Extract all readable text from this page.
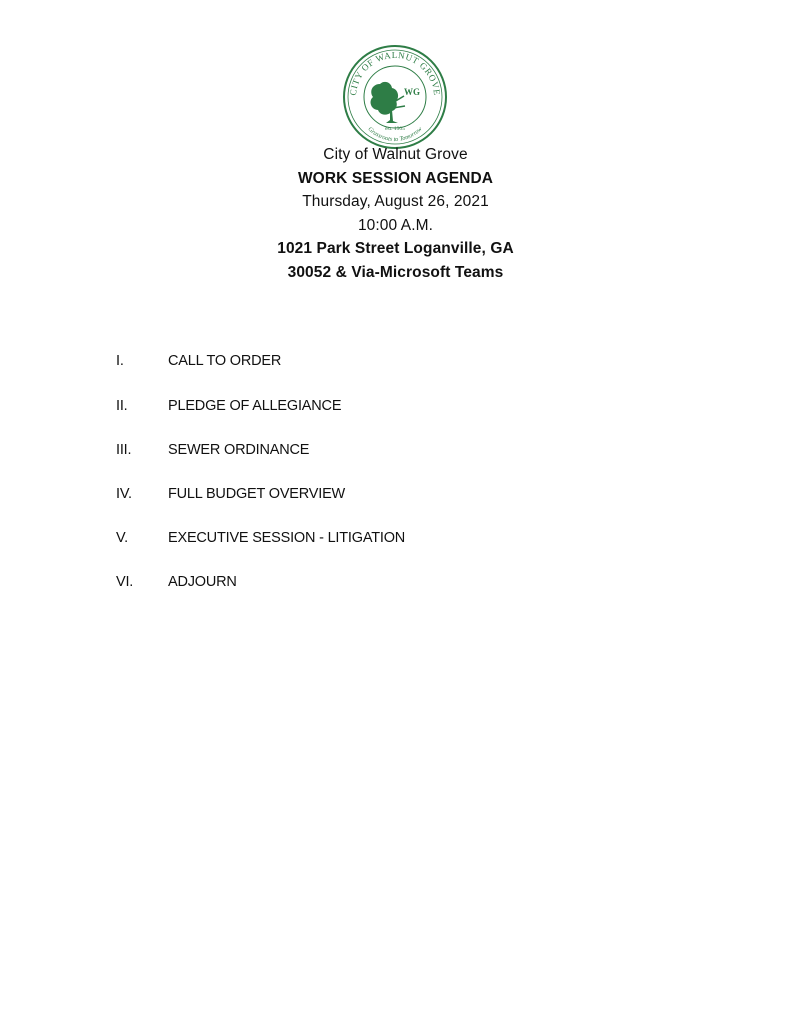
CITY OF WALNUT GROVE
Grassroots to Tomorrow
WG
est. 1905
City of Walnut Grove
WORK SESSION AGENDA
Thursday, August 26, 2021
10:00 A.M.
1021 Park Street Loganville, GA
30052 & Via-Microsoft Teams
I.	CALL TO ORDER
II.	PLEDGE OF ALLEGIANCE
III.	SEWER ORDINANCE
IV. FULL BUDGET OVERVIEW
V.	EXECUTIVE SESSION - LITIGATION
VI. ADJOURN
